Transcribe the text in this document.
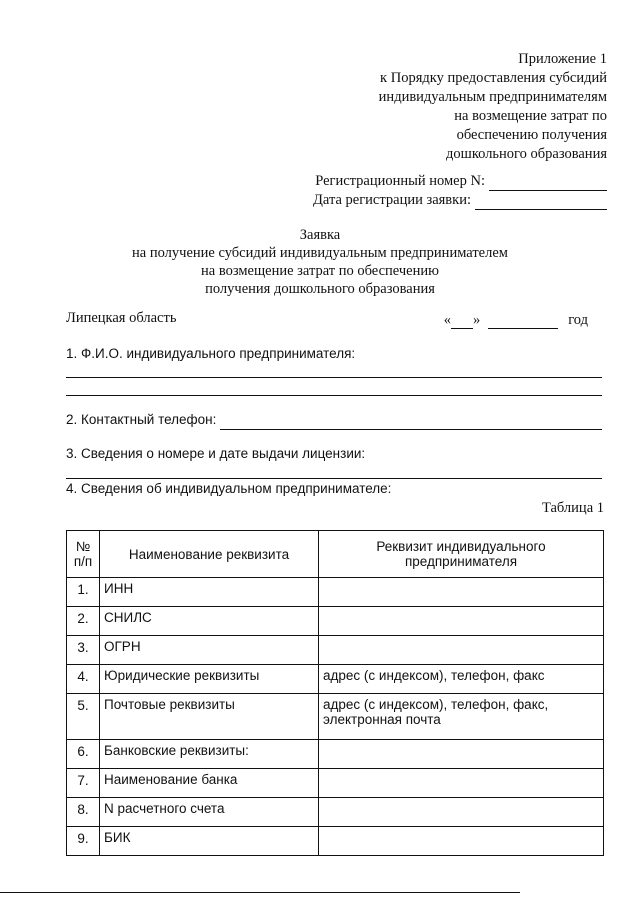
Приложение 1
к Порядку предоставления субсидий
индивидуальным предпринимателям
на возмещение затрат по
обеспечению получения
дошкольного образования
Регистрационный номер N:
Дата регистрации заявки:
Заявка
на получение субсидий индивидуальным предпринимателем
на возмещение затрат по обеспечению
получения дошкольного образования
Липецкая область	« »	год
1. Ф.И.О. индивидуального предпринимателя:
2. Контактный телефон:
3. Сведения о номере и дате выдачи лицензии:
4. Сведения об индивидуальном предпринимателе:
Таблица 1
№ п/п	Наименование реквизита	Реквизит индивидуального предпринимателя
1.	ИНН	
2.	СНИЛС	
3.	ОГРН	
4.	Юридические реквизиты	адрес (с индексом), телефон, факс
5.	Почтовые реквизиты	адрес (с индексом), телефон, факс, электронная почта
6.	Банковские реквизиты:	
7.	Наименование банка	
8.	N расчетного счета	
9.	БИК	
